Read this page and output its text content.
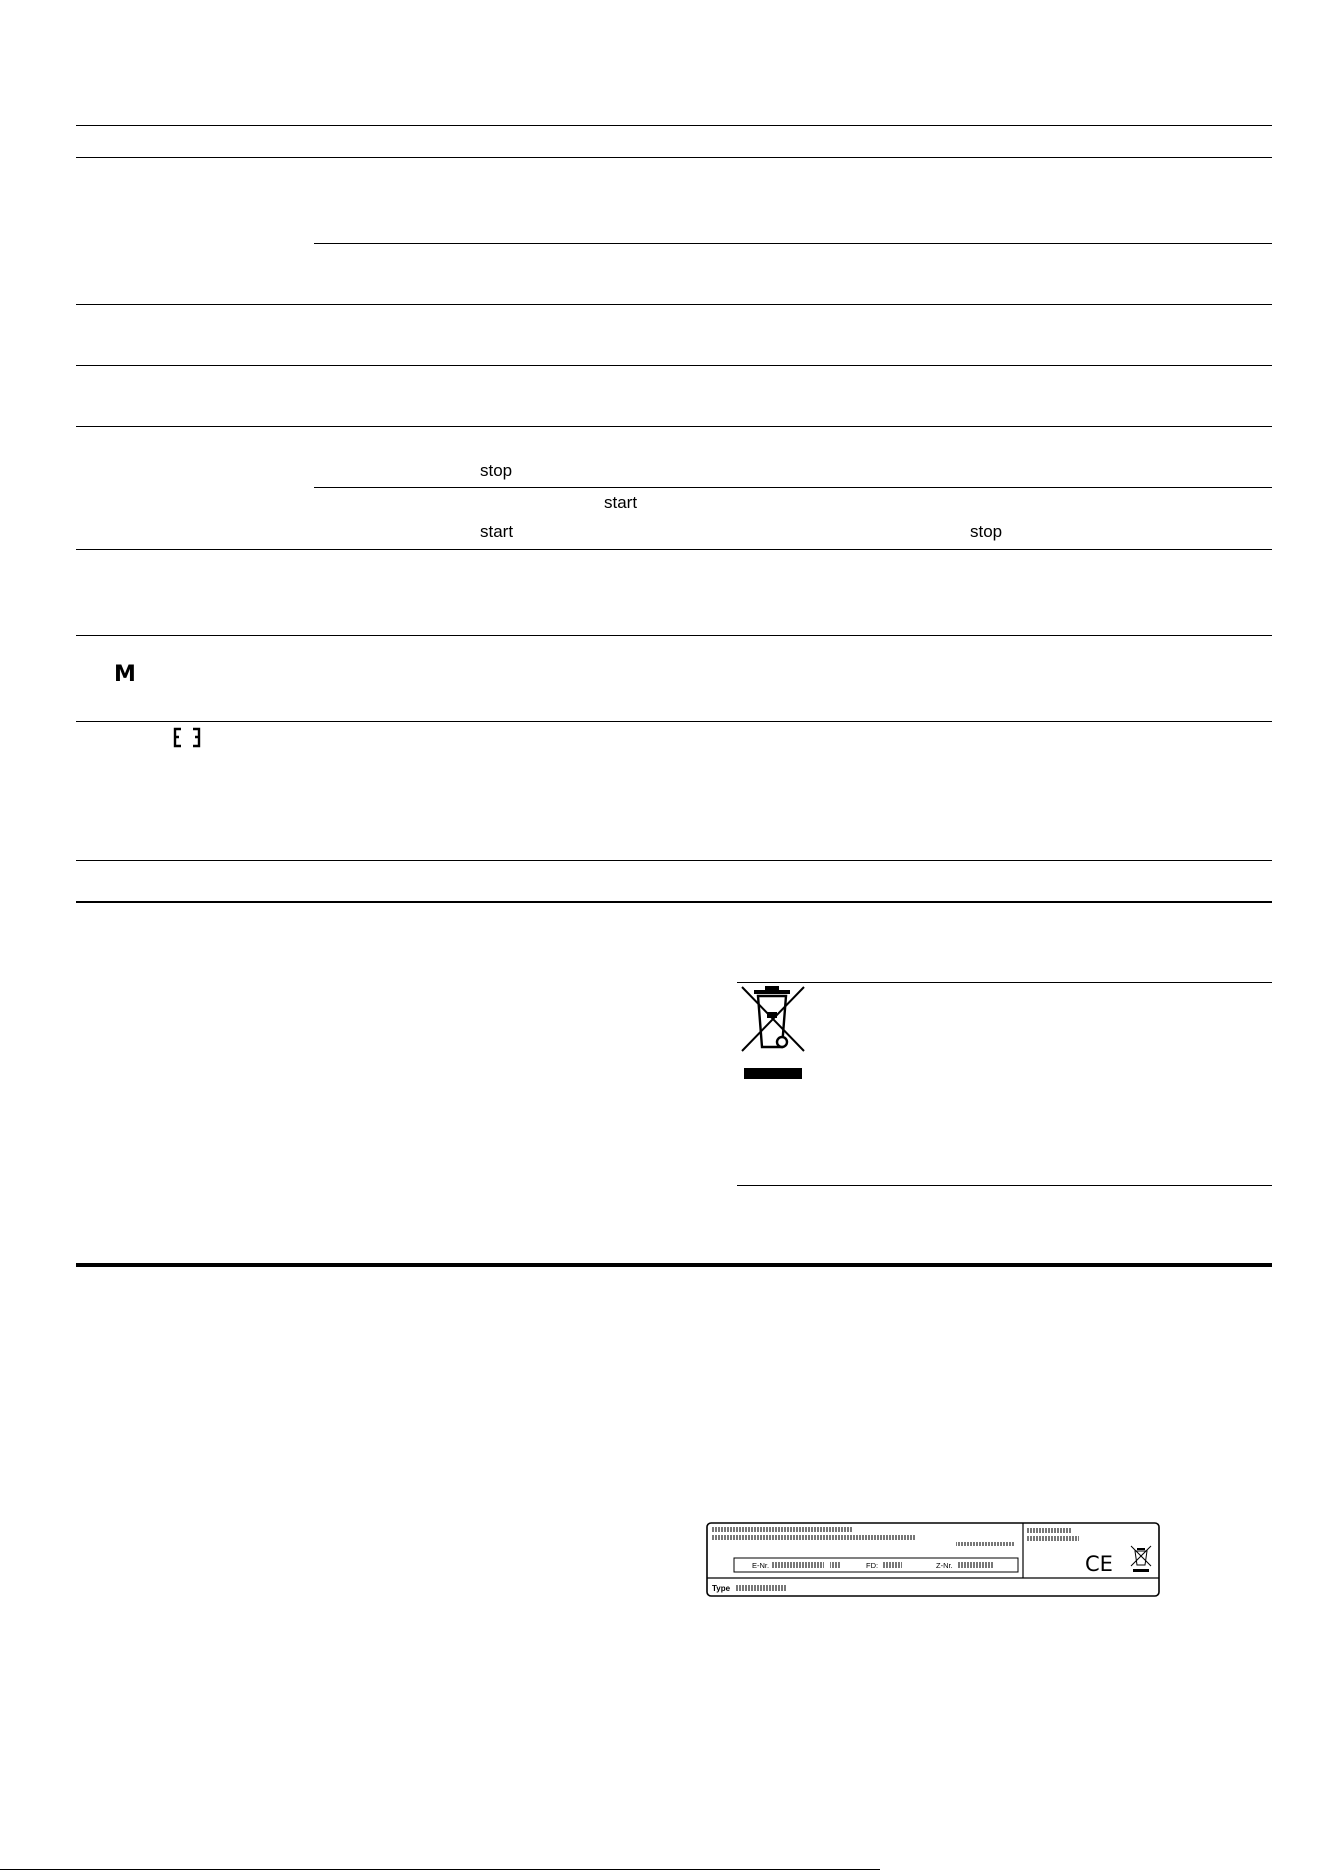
stop
start
start	stop
M
E-Nr.	FD:	Z-Nr.
Type
CE
